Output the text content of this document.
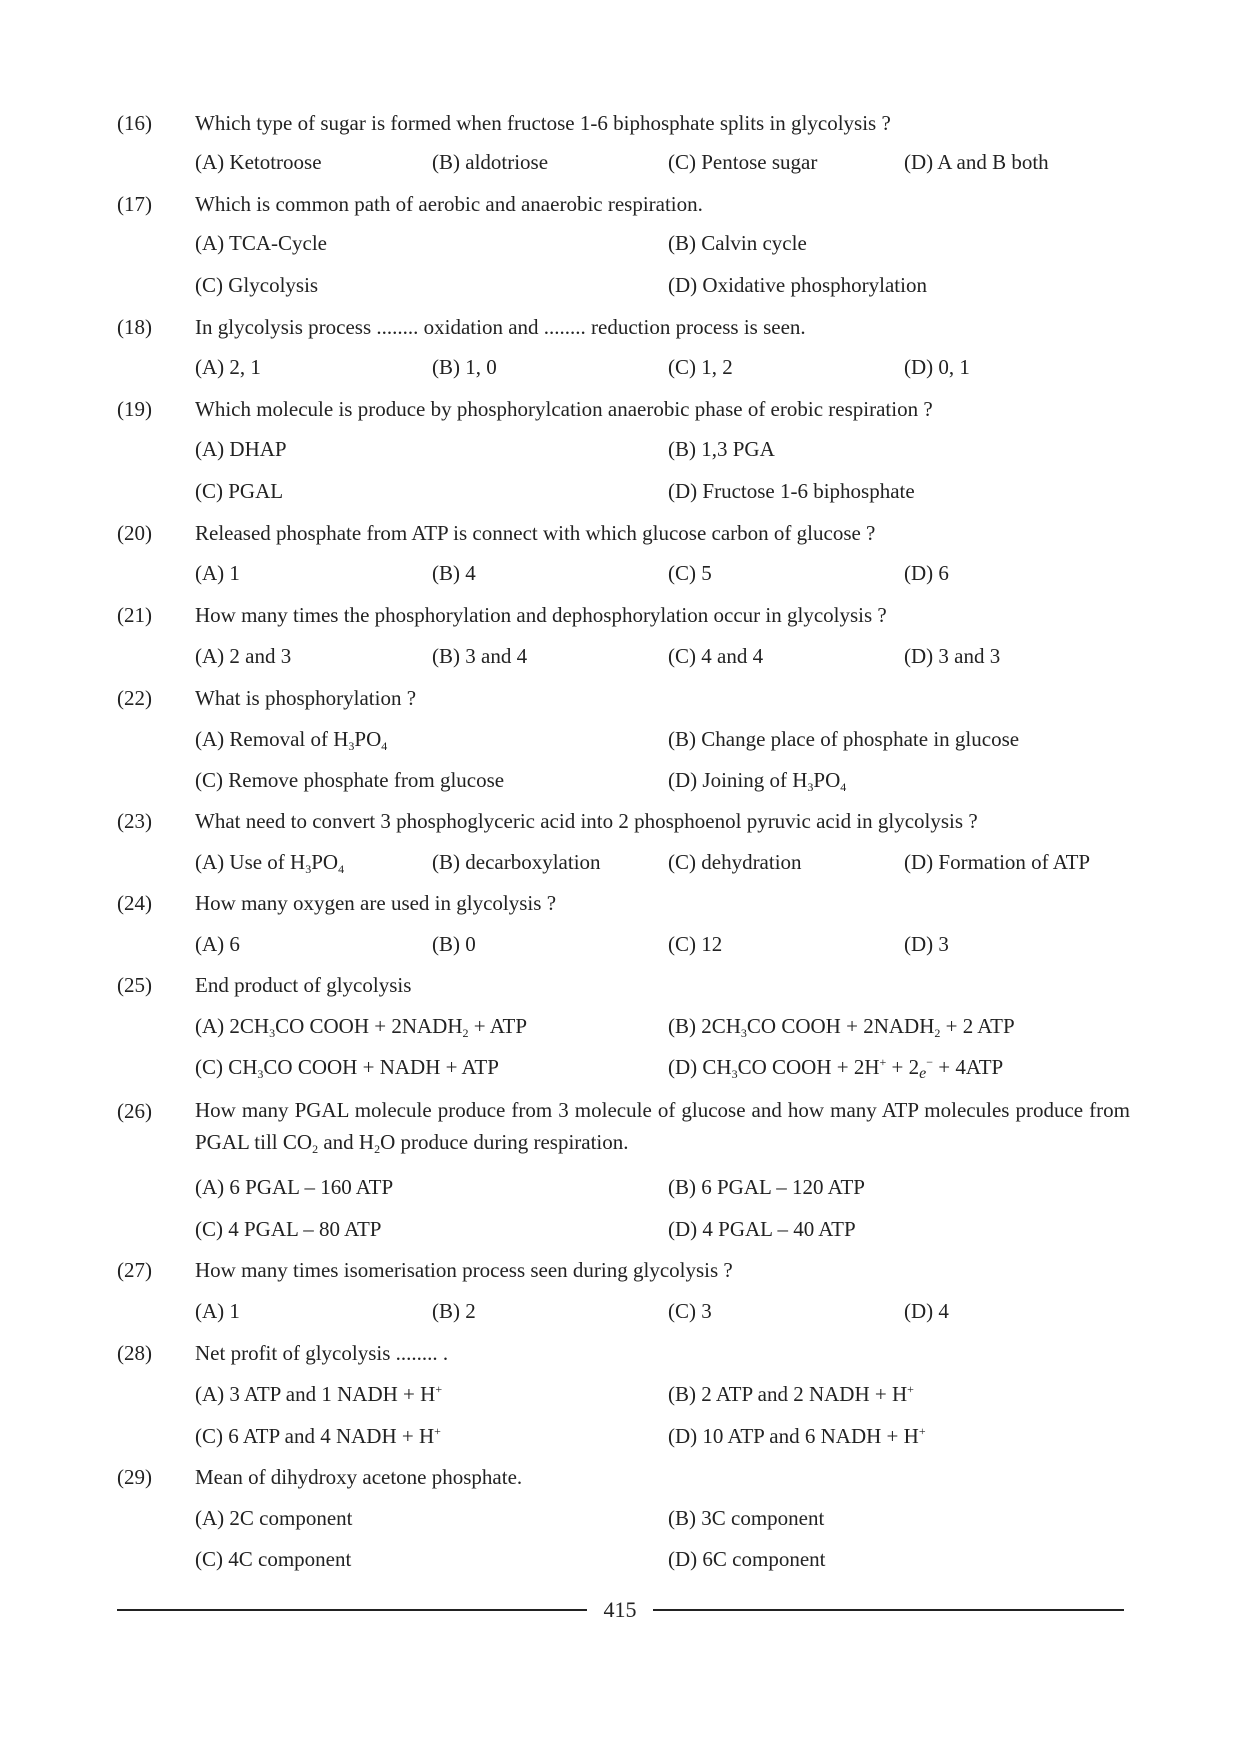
(16) Which type of sugar is formed when fructose 1-6 biphosphate splits in glycolysis ?
(A) Ketotroose	(B) aldotriose	(C) Pentose sugar	(D) A and B both
(17) Which is common path of aerobic and anaerobic respiration.
(A) TCA-Cycle	(B) Calvin cycle
(C) Glycolysis	(D) Oxidative phosphorylation
(18) In glycolysis process ........ oxidation and ........ reduction process is seen.
(A) 2, 1	(B) 1, 0	(C) 1, 2	(D) 0, 1
(19) Which molecule is produce by phosphorylcation anaerobic phase of erobic respiration ?
(A) DHAP	(B) 1,3 PGA
(C) PGAL	(D) Fructose 1-6 biphosphate
(20) Released phosphate from ATP is connect with which glucose carbon of glucose ?
(A) 1	(B) 4	(C) 5	(D) 6
(21) How many times the phosphorylation and dephosphorylation occur in glycolysis ?
(A) 2 and 3	(B) 3 and 4	(C) 4 and 4	(D) 3 and 3
(22) What is phosphorylation ?
(A) Removal of $H_3PO_4$	(B) Change place of phosphate in glucose
(C) Remove phosphate from glucose	(D) Joining of $H_3PO_4$
(23) What need to convert 3 phosphoglyceric acid into 2 phosphoenol pyruvic acid in glycolysis ?
(A) Use of $H_3PO_4$	(B) decarboxylation	(C) dehydration	(D) Formation of ATP
(24) How many oxygen are used in glycolysis ?
(A) 6	(B) 0	(C) 12	(D) 3
(25) End product of glycolysis
(A) $2CH_3CO$ COOH + $2NADH_2$ + ATP	(B) $2CH_3CO$ COOH + $2NADH_2 + 2$ ATP
(C) $CH_3CO$ COOH + NADH + ATP	(D) $CH_3CO$ COOH + $2H^+ + 2_e^- + 4ATP$
(26) How many PGAL molecule produce from 3 molecule of glucose and how many ATP molecules produce from PGAL till $CO_2$ and $H_2O$ produce during respiration.
(A) 6 PGAL – 160 ATP	(B) 6 PGAL – 120 ATP
(C) 4 PGAL – 80 ATP	(D) 4 PGAL – 40 ATP
(27) How many times isomerisation process seen during glycolysis ?
(A) 1	(B) 2	(C) 3	(D) 4
(28) Net profit of glycolysis ........ .
(A) 3 ATP and 1 NADH + H+	(B) 2 ATP and 2 NADH + H+
(C) 6 ATP and 4 NADH + H+	(D) 10 ATP and 6 NADH + H+
(29) Mean of dihydroxy acetone phosphate.
(A) 2C component	(B) 3C component
(C) 4C component	(D) 6C component
415
